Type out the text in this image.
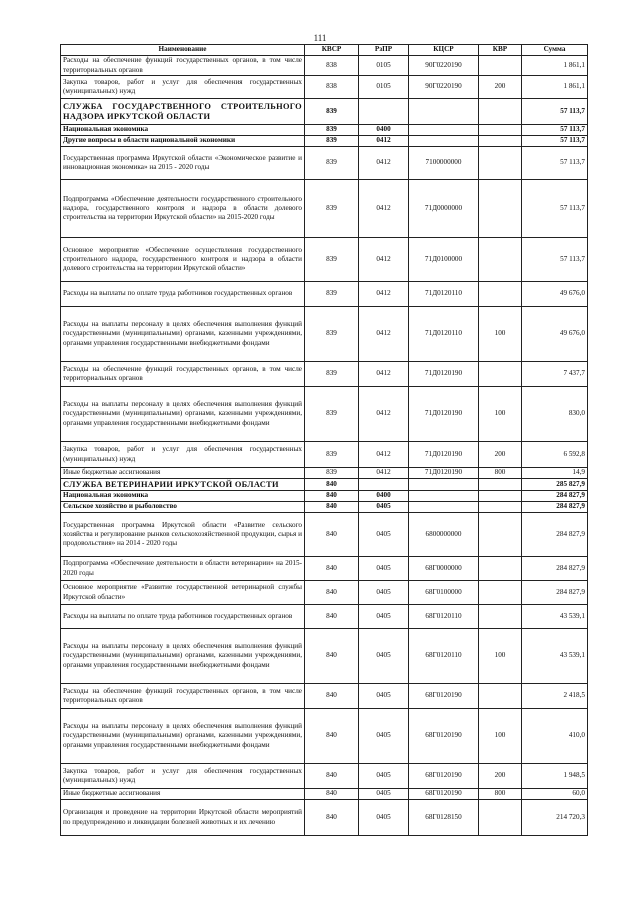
111
Наименование	КВСР	РзПР	КЦСР	КВР	Сумма
Расходы на обеспечение функций государственных органов, в том числе территориальных органов	838	0105	90Г0220190		1 861,1
Закупка товаров, работ и услуг для обеспечения государственных (муниципальных) нужд	838	0105	90Г0220190	200	1 861,1
СЛУЖБА ГОСУДАРСТВЕННОГО СТРОИТЕЛЬНОГО НАДЗОРА ИРКУТСКОЙ ОБЛАСТИ	839				57 113,7
Национальная экономика	839	0400			57 113,7
Другие вопросы в области национальной экономики	839	0412			57 113,7
Государственная программа Иркутской области «Экономическое развитие и инновационная экономика» на 2015 - 2020 годы	839	0412	7100000000		57 113,7
Подпрограмма «Обеспечение деятельности государственного строительного надзора, государственного контроля и надзора в области долевого строительства на территории Иркутской области» на 2015-2020 годы	839	0412	71Д0000000		57 113,7
Основное мероприятие «Обеспечение осуществления государственного строительного надзора, государственного контроля и надзора в области долевого строительства на территории Иркутской области»	839	0412	71Д0100000		57 113,7
Расходы на выплаты по оплате труда работников государственных органов	839	0412	71Д0120110		49 676,0
Расходы на выплаты персоналу в целях обеспечения выполнения функций государственными (муниципальными) органами, казенными учреждениями, органами управления государственными внебюджетными фондами	839	0412	71Д0120110	100	49 676,0
Расходы на обеспечение функций государственных органов, в том числе территориальных органов	839	0412	71Д0120190		7 437,7
Расходы на выплаты персоналу в целях обеспечения выполнения функций государственными (муниципальными) органами, казенными учреждениями, органами управления государственными внебюджетными фондами	839	0412	71Д0120190	100	830,0
Закупка товаров, работ и услуг для обеспечения государственных (муниципальных) нужд	839	0412	71Д0120190	200	6 592,8
Иные бюджетные ассигнования	839	0412	71Д0120190	800	14,9
СЛУЖБА ВЕТЕРИНАРИИ ИРКУТСКОЙ ОБЛАСТИ	840				285 827,9
Национальная экономика	840	0400			284 827,9
Сельское хозяйство и рыболовство	840	0405			284 827,9
Государственная программа Иркутской области «Развитие сельского хозяйства и регулирование рынков сельскохозяйственной продукции, сырья и продовольствия» на 2014 - 2020 годы	840	0405	6800000000		284 827,9
Подпрограмма «Обеспечение деятельности в области ветеринарии» на 2015-2020 годы	840	0405	68Г0000000		284 827,9
Основное мероприятие «Развитие государственной ветеринарной службы Иркутской области»	840	0405	68Г0100000		284 827,9
Расходы на выплаты по оплате труда работников государственных органов	840	0405	68Г0120110		43 539,1
Расходы на выплаты персоналу в целях обеспечения выполнения функций государственными (муниципальными) органами, казенными учреждениями, органами управления государственными внебюджетными фондами	840	0405	68Г0120110	100	43 539,1
Расходы на обеспечение функций государственных органов, в том числе территориальных органов	840	0405	68Г0120190		2 418,5
Расходы на выплаты персоналу в целях обеспечения выполнения функций государственными (муниципальными) органами, казенными учреждениями, органами управления государственными внебюджетными фондами	840	0405	68Г0120190	100	410,0
Закупка товаров, работ и услуг для обеспечения государственных (муниципальных) нужд	840	0405	68Г0120190	200	1 948,5
Иные бюджетные ассигнования	840	0405	68Г0120190	800	60,0
Организация и проведение на территории Иркутской области мероприятий по предупреждению и ликвидации болезней животных и их лечению	840	0405	68Г0128150		214 720,3
